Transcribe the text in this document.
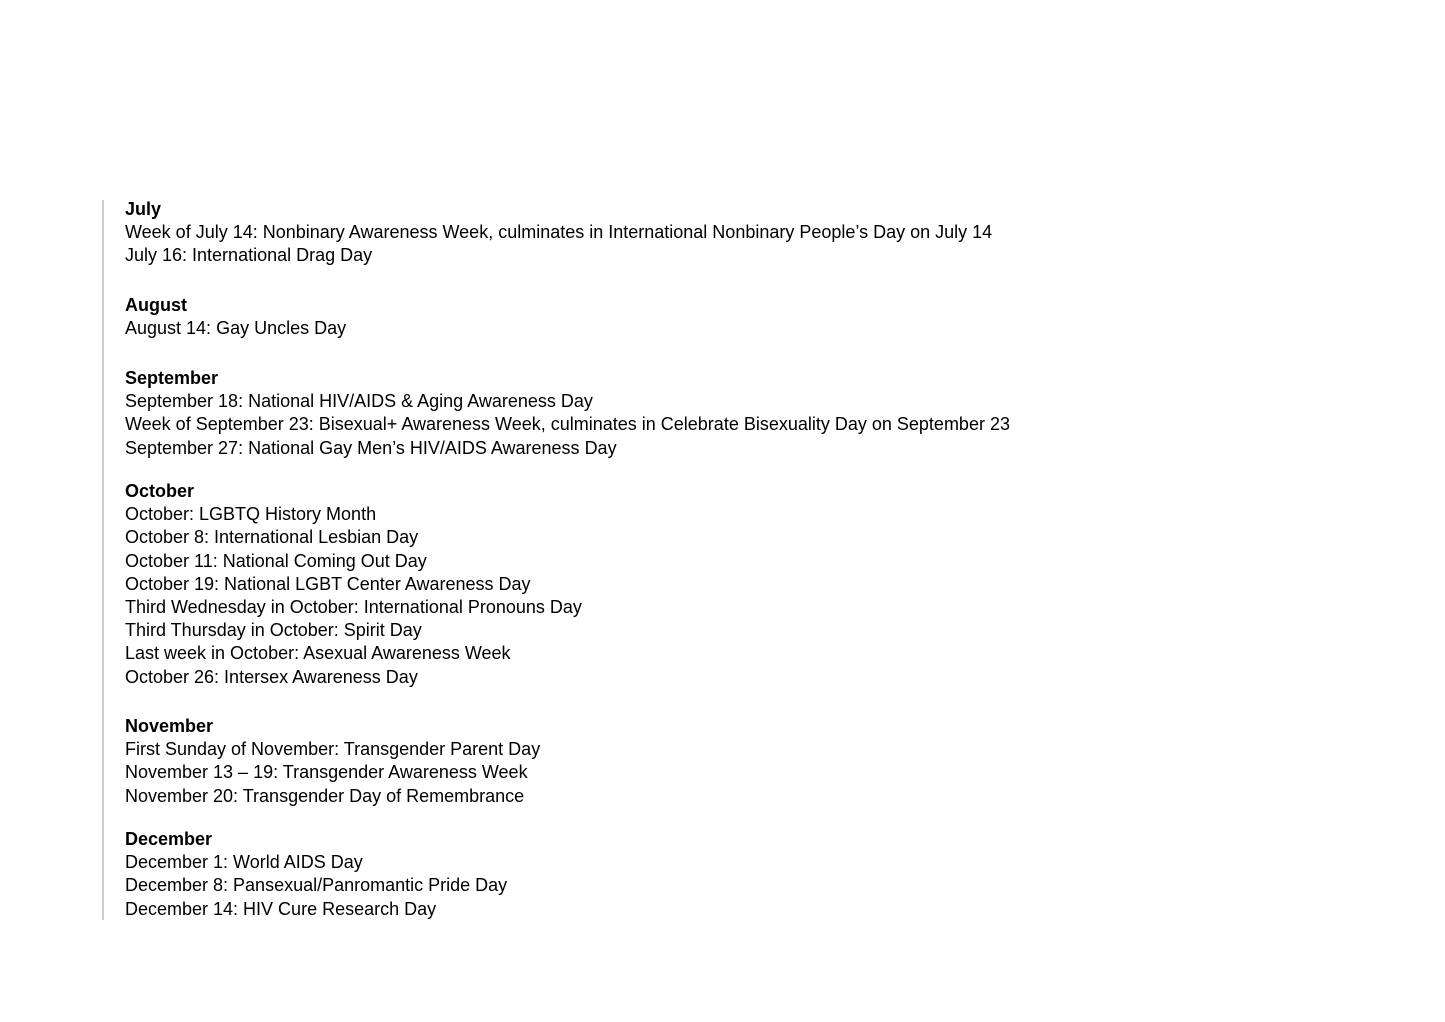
July

Week of July 14: Nonbinary Awareness Week, culminates in International Nonbinary People’s Day on July 14

July 16: International Drag Day

August

August 14: Gay Uncles Day

September

September 18: National HIV/AIDS & Aging Awareness Day

Week of September 23: Bisexual+ Awareness Week, culminates in Celebrate Bisexuality Day on September 23

September 27: National Gay Men’s HIV/AIDS Awareness Day

October

October: LGBTQ History Month

October 8: International Lesbian Day

October 11: National Coming Out Day

October 19: National LGBT Center Awareness Day

Third Wednesday in October: International Pronouns Day

Third Thursday in October: Spirit Day

Last week in October: Asexual Awareness Week

October 26: Intersex Awareness Day

November

First Sunday of November: Transgender Parent Day

November 13 – 19: Transgender Awareness Week

November 20: Transgender Day of Remembrance

December

December 1: World AIDS Day

December 8: Pansexual/Panromantic Pride Day

December 14: HIV Cure Research Day
